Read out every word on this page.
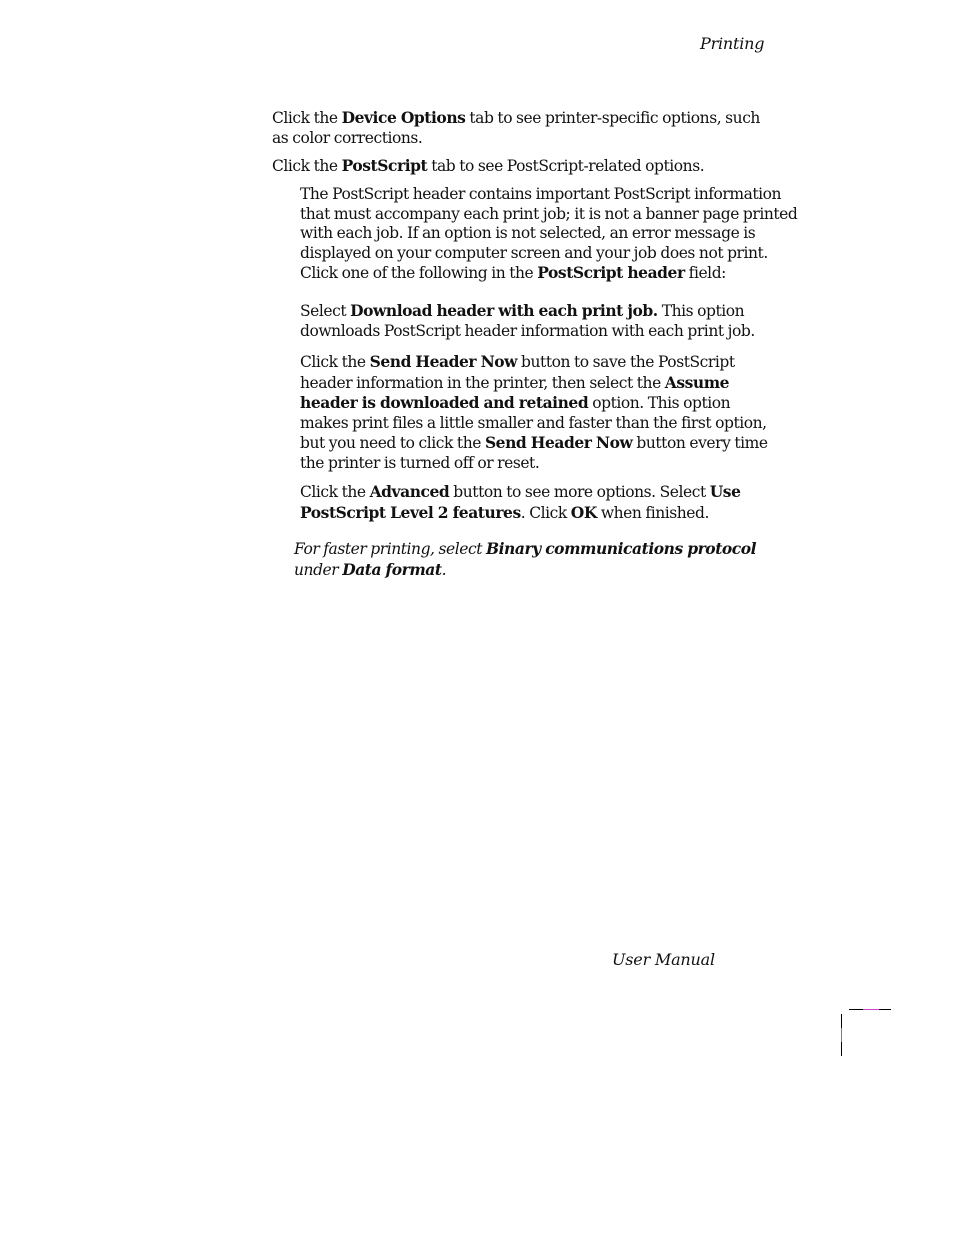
Printing
Click the Device Options tab to see printer-specific options, such
as color corrections.
Click the PostScript tab to see PostScript-related options.
The PostScript header contains important PostScript information
that must accompany each print job; it is not a banner page printed
with each job. If an option is not selected, an error message is
displayed on your computer screen and your job does not print.
Click one of the following in the PostScript header field:
Select Download header with each print job. This option
downloads PostScript header information with each print job.
Click the Send Header Now button to save the PostScript
header information in the printer, then select the Assume
header is downloaded and retained option. This option
makes print files a little smaller and faster than the first option,
but you need to click the Send Header Now button every time
the printer is turned off or reset.
Click the Advanced button to see more options. Select Use
PostScript Level 2 features. Click OK when finished.
For faster printing, select Binary communications protocol
under Data format.
User Manual
